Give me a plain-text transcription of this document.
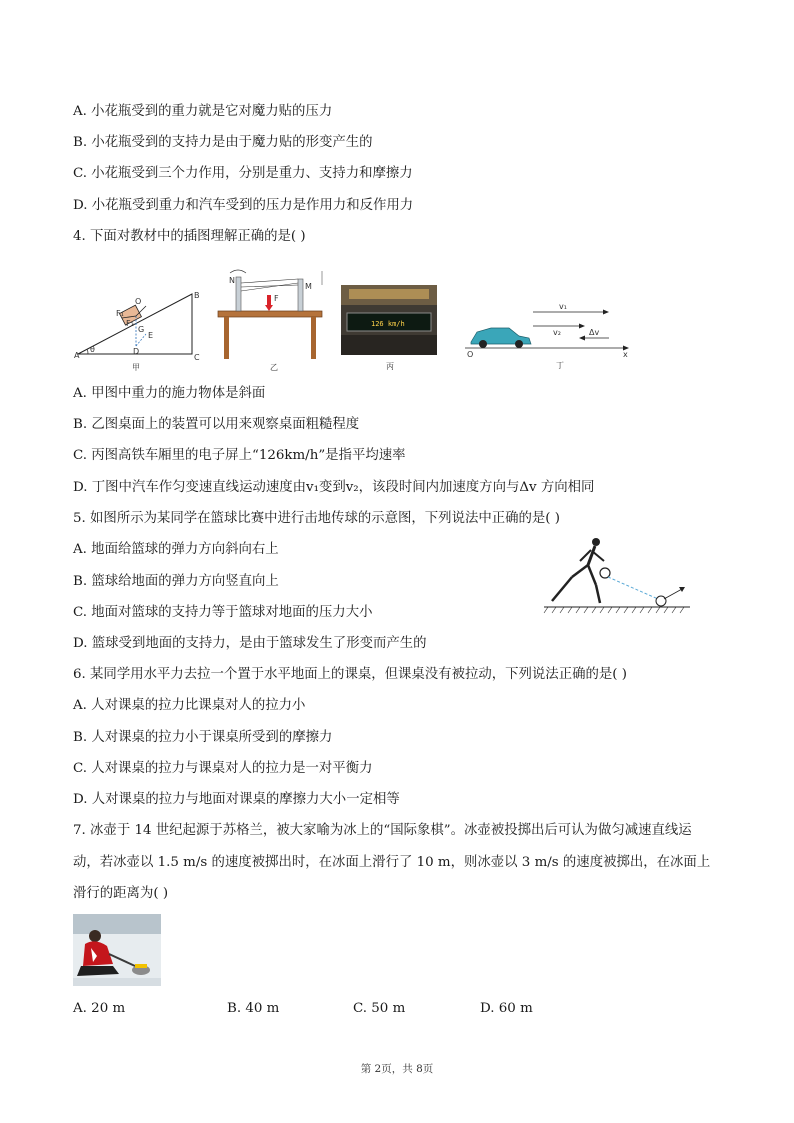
A. 小花瓶受到的重力就是它对魔力贴的压力
B. 小花瓶受到的支持力是由于魔力贴的形变产生的
C. 小花瓶受到三个力作用，分别是重力、支持力和摩擦力
D. 小花瓶受到重力和汽车受到的压力是作用力和反作用力
4. 下面对教材中的插图理解正确的是( )
A
B
C
D
E
G
O
F₁
F₂
θ
甲
N
M
F
乙
126 km/h
丙
v₁
v₂	Δv
O	x
丁
A. 甲图中重力的施力物体是斜面
B. 乙图桌面上的装置可以用来观察桌面粗糙程度
C. 丙图高铁车厢里的电子屏上“126km/h”是指平均速率
D. 丁图中汽车作匀变速直线运动速度由v₁变到v₂，该段时间内加速度方向与Δv 方向相同
5. 如图所示为某同学在篮球比赛中进行击地传球的示意图，下列说法中正确的是( )
A. 地面给篮球的弹力方向斜向右上
B. 篮球给地面的弹力方向竖直向上
C. 地面对篮球的支持力等于篮球对地面的压力大小
D. 篮球受到地面的支持力，是由于篮球发生了形变而产生的
6. 某同学用水平力去拉一个置于水平地面上的课桌，但课桌没有被拉动，下列说法正确的是( )
A. 人对课桌的拉力比课桌对人的拉力小
B. 人对课桌的拉力小于课桌所受到的摩擦力
C. 人对课桌的拉力与课桌对人的拉力是一对平衡力
D. 人对课桌的拉力与地面对课桌的摩擦力大小一定相等
7. 冰壶于 14 世纪起源于苏格兰，被大家喻为冰上的“国际象棋”。冰壶被投掷出后可认为做匀减速直线运
动，若冰壶以 1.5 m/s 的速度被掷出时，在冰面上滑行了 10 m，则冰壶以 3 m/s 的速度被掷出，在冰面上
滑行的距离为( )
A. 20 m	B. 40 m	C. 50 m	D. 60 m
第 2页，共 8页
